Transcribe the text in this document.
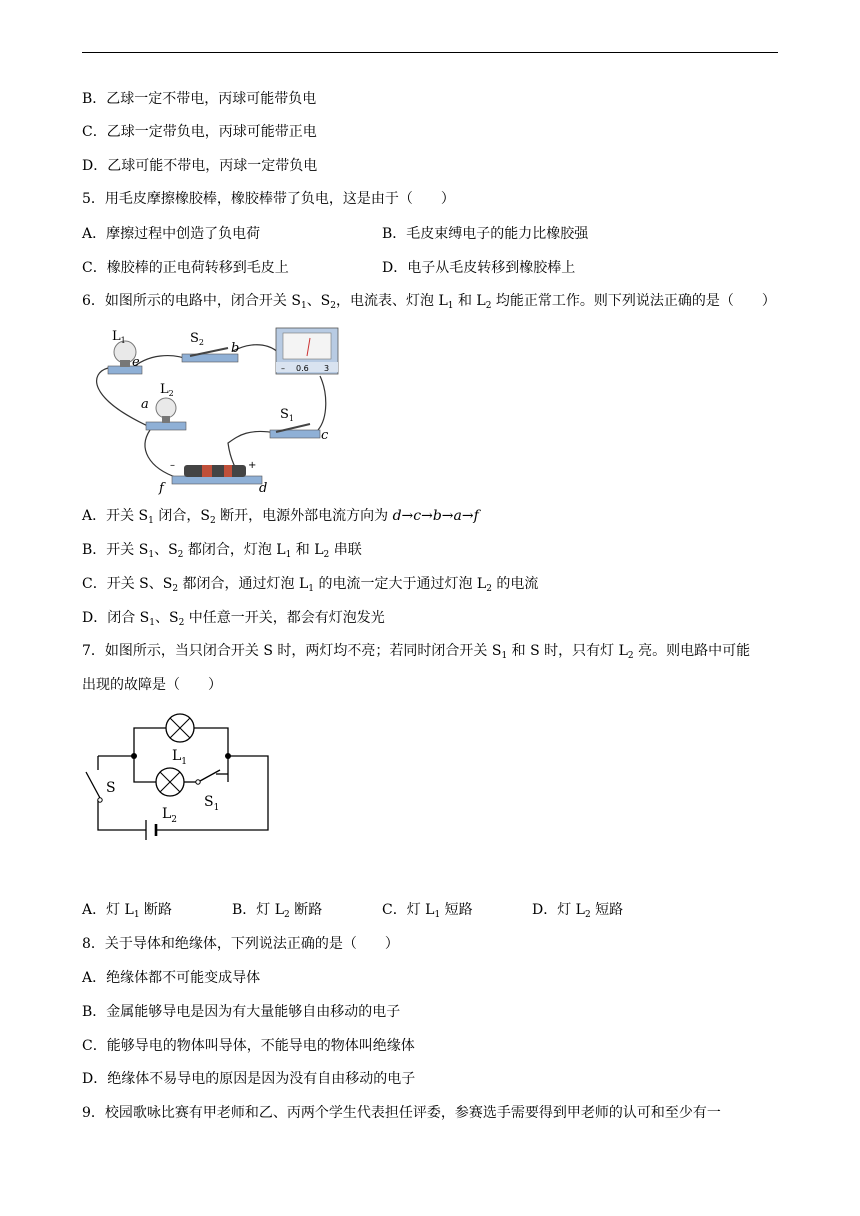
B．乙球一定不带电，丙球可能带负电
C．乙球一定带负电，丙球可能带正电
D．乙球可能不带电，丙球一定带负电
5．用毛皮摩擦橡胶棒，橡胶棒带了负电，这是由于（　　）
A．摩擦过程中创造了负电荷	B．毛皮束缚电子的能力比橡胶强
C．橡胶棒的正电荷转移到毛皮上	D．电子从毛皮转移到橡胶棒上
6．如图所示的电路中，闭合开关 $S_1$、$S_2$，电流表、灯泡 $L_1$ 和 $L_2$ 均能正常工作。则下列说法正确的是（　　）
$L_1$	$S_2$
$L_2$
$S_1$
e
b
a
c
d
f
– 0.6 3
–	+
A．开关 $S_1$ 闭合，$S_2$ 断开，电源外部电流方向为 d→c→b→a→f
B．开关 $S_1$、$S_2$ 都闭合，灯泡 $L_1$ 和 $L_2$ 串联
C．开关 S、$S_2$ 都闭合，通过灯泡 $L_1$ 的电流一定大于通过灯泡 $L_2$ 的电流
D．闭合 $S_1$、$S_2$ 中任意一开关，都会有灯泡发光
7．如图所示，当只闭合开关 S 时，两灯均不亮；若同时闭合开关 $S_1$ 和 S 时，只有灯 $L_2$ 亮。则电路中可能
出现的故障是（　　）
$L_1$
$L_2$
S
$S_1$
A．灯 $L_1$ 断路	B．灯 $L_2$ 断路	C．灯 $L_1$ 短路	D．灯 $L_2$ 短路
8．关于导体和绝缘体，下列说法正确的是（　　）
A．绝缘体都不可能变成导体
B．金属能够导电是因为有大量能够自由移动的电子
C．能够导电的物体叫导体，不能导电的物体叫绝缘体
D．绝缘体不易导电的原因是因为没有自由移动的电子
9．校园歌咏比赛有甲老师和乙、丙两个学生代表担任评委，参赛选手需要得到甲老师的认可和至少有一
